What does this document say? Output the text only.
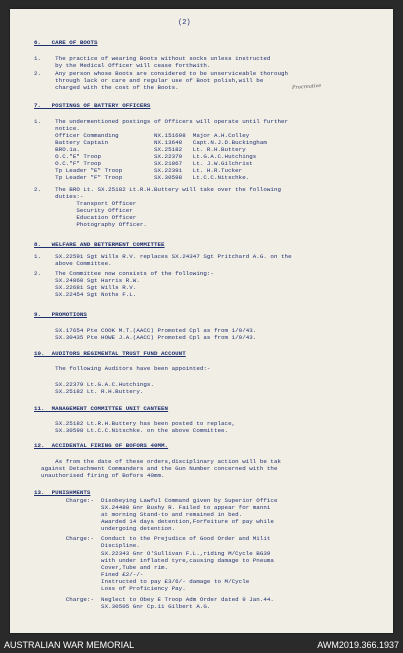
(2)
Procreative
6.   CARE OF BOOTS
1.    The practice of wearing Boots without socks unless instructed
by the Medical Officer will cease forthwith.
2.    Any person whose Boots are considered to be unserviceable thorough
through lack or care and regular use of Boot polish,will be
charged with the cost of the Boots.
7.   POSTINGS OF BATTERY OFFICERS
1.    The undermentioned postings of Officers will operate until further
notice.
Officer Commanding          NX.151698  Major A.H.Colley
Battery Captain             NX.13648   Capt.N.J.D.Buckingham
BRO.1a.                     SX.25182   Lt. R.H.Buttery
O.C."E" Troop               SX.22379   Lt.G.A.C.Hutchings
O.C."F" Troop               SX.21067   Lt. J.W.Gilchrist
Tp Leader "E" Troop         SX.22391   Lt. H.R.Tucker
Tp Leader "F" Troop         SX.30598   Lt.C.C.Nitschke.
2.    The BRO Lt. SX.25182 Lt.R.H.Buttery will take over the following
duties:-
Transport Officer
Security Officer
Education Officer
Photography Officer.
8.   WELFARE AND BETTERMENT COMMITTEE
1.    SX.22591 Sgt Wills R.V. replaces SX.24347 Sgt Pritchard A.G. on the
above Committee.
2.    The Committee now consists of the following:-
SX.24860 Sgt Harris R.W.
SX.22681 Sgt Wills R.V.
SX.22454 Sgt Noths F.L.
9.   PROMOTIONS
SX.17654 Pte COOK M.T.(AACC) Promoted Cpl as from 1/9/43.
SX.30435 Pte HOWE J.A.(AACC) Promoted Cpl as from 1/9/43.
10.  AUDITORS REGIMENTAL TRUST FUND ACCOUNT
The following Auditors have been appointed:-
SX.22379 Lt.G.A.C.Hutchings.
SX.25182 Lt. R.H.Buttery.
11.  MANAGEMENT COMMITTEE UNIT CANTEEN
SX.25182 Lt.R.H.Buttery has been posted to replace,
SX.30598 Lt.C.C.Nitschke. on the above Committee.
12.  ACCIDENTAL FIRING OF BOFORS 40MM.
As from the date of these orders,disciplinary action will be tak
against Detachment Commanders and the Gun Number concerned with the
unauthorised firing of Bofors 40mm.
13.  PUNISHMENTS
Charge:-  Disobeying Lawful Command given by Superior Office
SX.24480 Gnr Bushy R. Failed to appear for manni
at morning Stand-to and remained in bed.
Awarded 14 days detention,Forfeiture of pay while
undergoing detention.
Charge:-  Conduct to the Prejudice of Good Order and Milit
Discipline.
SX.22343 Gnr O'Sullivan F.L.,riding M/Cycle BG39
with under inflated tyre,causing damage to Pneuma
Cover,Tube and rim.
Fined £2/-/-
Instructed to pay £3/6/- damage to M/Cycle
Loss of Proficiency Pay.
Charge:-  Neglect to Obey E Troop Adm Order dated 9 Jan.44.
SX.30505 Gnr Cp.11 Gilbert A.G.
AUSTRALIAN WAR MEMORIAL	AWM2019.366.1937
